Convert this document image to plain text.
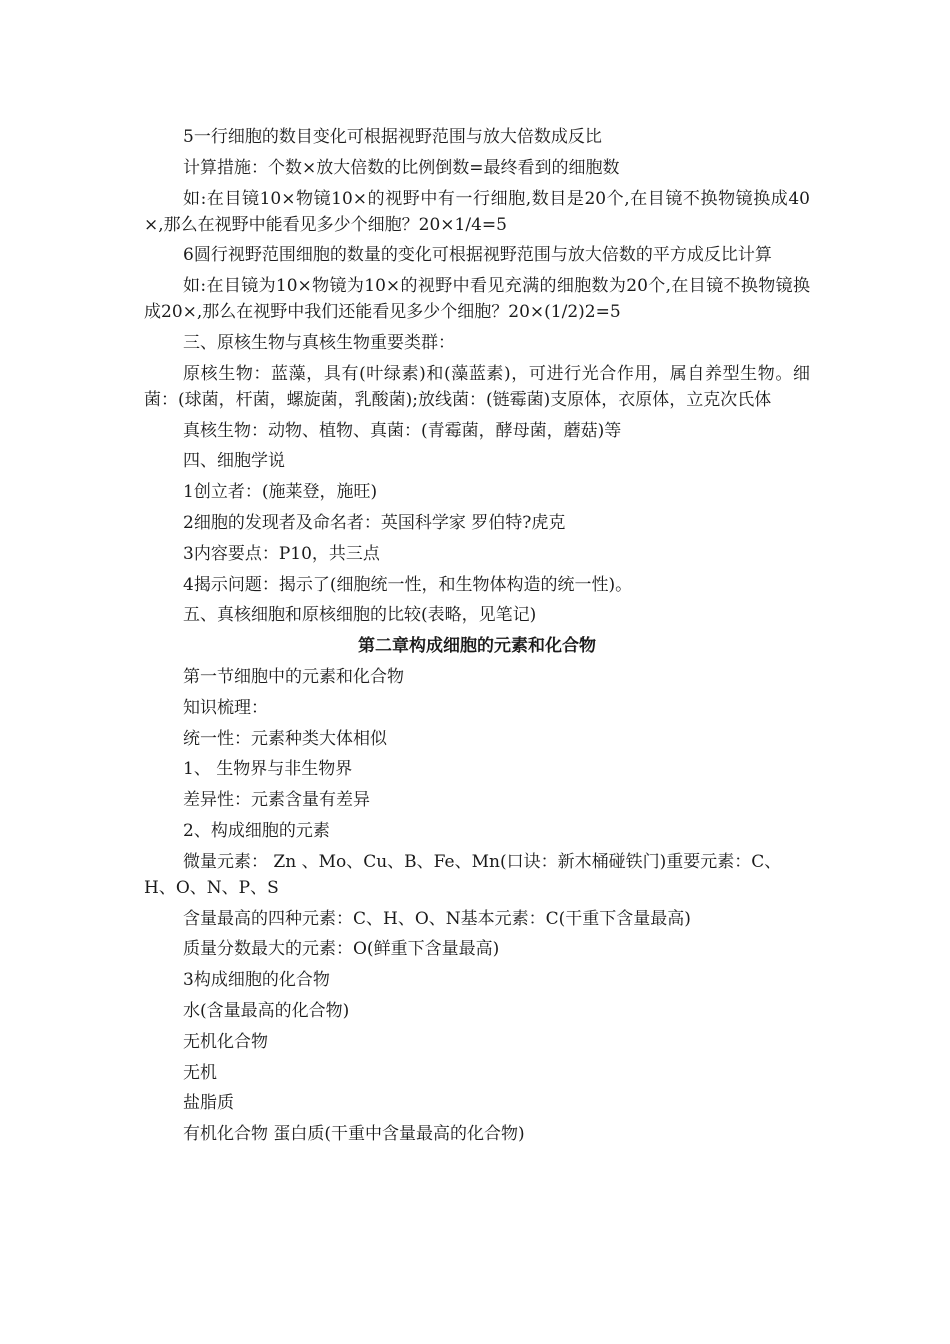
5一行细胞的数目变化可根据视野范围与放大倍数成反比

计算措施：个数×放大倍数的比例倒数=最终看到的细胞数

如:在目镜10×物镜10×的视野中有一行细胞,数目是20个,在目镜不换物镜换成40×,那么在视野中能看见多少个细胞？20×1/4=5

6圆行视野范围细胞的数量的变化可根据视野范围与放大倍数的平方成反比计算

如:在目镜为10×物镜为10×的视野中看见充满的细胞数为20个,在目镜不换物镜换成20×,那么在视野中我们还能看见多少个细胞？20×(1/2)2=5

三、原核生物与真核生物重要类群：

原核生物：蓝藻，具有(叶绿素)和(藻蓝素)，可进行光合作用，属自养型生物。细菌：(球菌，杆菌，螺旋菌，乳酸菌);放线菌：(链霉菌)支原体，衣原体，立克次氏体

真核生物：动物、植物、真菌：(青霉菌，酵母菌，蘑菇)等

四、细胞学说

1创立者：(施莱登，施旺)

2细胞的发现者及命名者：英国科学家 罗伯特?虎克

3内容要点：P10，共三点

4揭示问题：揭示了(细胞统一性，和生物体构造的统一性)。

五、真核细胞和原核细胞的比较(表略，见笔记)

第二章构成细胞的元素和化合物

第一节细胞中的元素和化合物

知识梳理：

统一性：元素种类大体相似

1、 生物界与非生物界

差异性：元素含量有差异

2、构成细胞的元素

微量元素： Zn 、Mo、Cu、B、Fe、Mn(口诀：新木桶碰铁门)重要元素：C、H、O、N、P、S

含量最高的四种元素：C、H、O、N基本元素：C(干重下含量最高)

质量分数最大的元素：O(鲜重下含量最高)

3构成细胞的化合物

水(含量最高的化合物)

无机化合物

无机

盐脂质

有机化合物 蛋白质(干重中含量最高的化合物)
